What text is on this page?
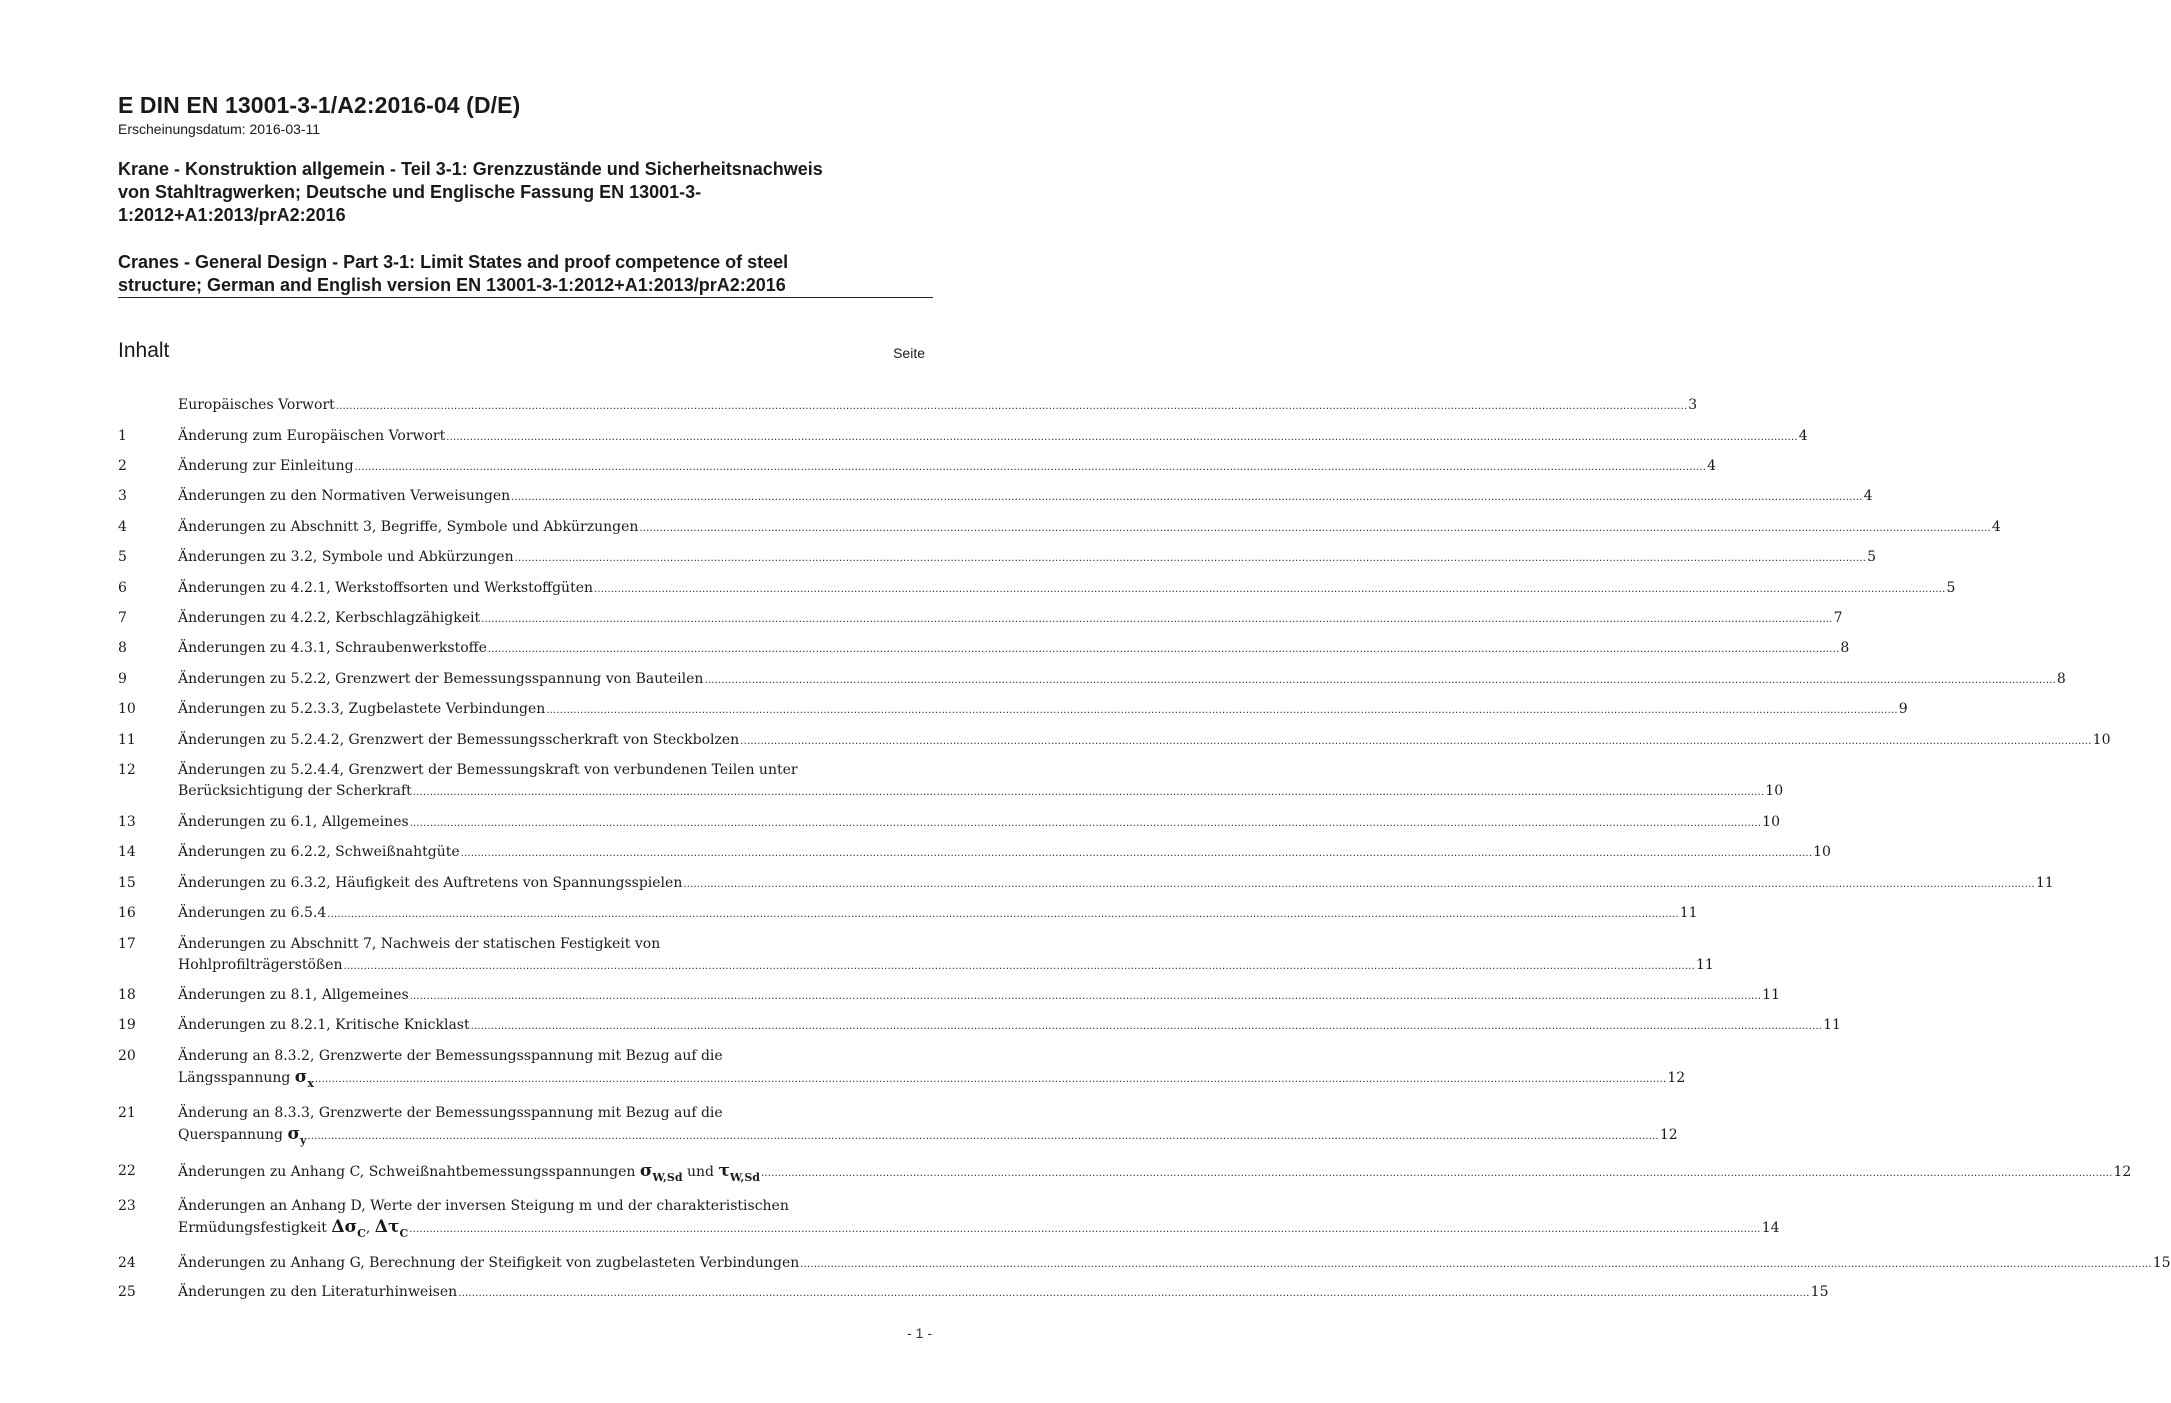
E DIN EN 13001-3-1/A2:2016-04 (D/E)
Erscheinungsdatum: 2016-03-11
Krane - Konstruktion allgemein - Teil 3-1: Grenzzustände und Sicherheitsnachweis
von Stahltragwerken; Deutsche und Englische Fassung EN 13001-3-
1:2012+A1:2013/prA2:2016
Cranes - General Design - Part 3-1: Limit States and proof competence of steel
structure; German and English version EN 13001-3-1:2012+A1:2013/prA2:2016
Inhalt	Seite
Europäisches Vorwort ................................................................................................................................................................................................................................................................................................................................................................................................................ 3
1	Änderung zum Europäischen Vorwort ................................................................................................................................................................................................................................................................................................................................................................................................................ 4
2	Änderung zur Einleitung ................................................................................................................................................................................................................................................................................................................................................................................................................ 4
3	Änderungen zu den Normativen Verweisungen ................................................................................................................................................................................................................................................................................................................................................................................................................ 4
4	Änderungen zu Abschnitt 3, Begriffe, Symbole und Abkürzungen ................................................................................................................................................................................................................................................................................................................................................................................................................ 4
5	Änderungen zu 3.2, Symbole und Abkürzungen ................................................................................................................................................................................................................................................................................................................................................................................................................ 5
6	Änderungen zu 4.2.1, Werkstoffsorten und Werkstoffgüten ................................................................................................................................................................................................................................................................................................................................................................................................................ 5
7	Änderungen zu 4.2.2, Kerbschlagzähigkeit ................................................................................................................................................................................................................................................................................................................................................................................................................ 7
8	Änderungen zu 4.3.1, Schraubenwerkstoffe ................................................................................................................................................................................................................................................................................................................................................................................................................ 8
9	Änderungen zu 5.2.2, Grenzwert der Bemessungsspannung von Bauteilen ................................................................................................................................................................................................................................................................................................................................................................................................................ 8
10	Änderungen zu 5.2.3.3, Zugbelastete Verbindungen ................................................................................................................................................................................................................................................................................................................................................................................................................ 9
11	Änderungen zu 5.2.4.2, Grenzwert der Bemessungsscherkraft von Steckbolzen ................................................................................................................................................................................................................................................................................................................................................................................................................ 10
12	Änderungen zu 5.2.4.4, Grenzwert der Bemessungskraft von verbundenen Teilen unter
Berücksichtigung der Scherkraft ................................................................................................................................................................................................................................................................................................................................................................................................................ 10
13	Änderungen zu 6.1, Allgemeines ................................................................................................................................................................................................................................................................................................................................................................................................................ 10
14	Änderungen zu 6.2.2, Schweißnahtgüte ................................................................................................................................................................................................................................................................................................................................................................................................................ 10
15	Änderungen zu 6.3.2, Häufigkeit des Auftretens von Spannungsspielen ................................................................................................................................................................................................................................................................................................................................................................................................................ 11
16	Änderungen zu 6.5.4 ................................................................................................................................................................................................................................................................................................................................................................................................................ 11
17	Änderungen zu Abschnitt 7, Nachweis der statischen Festigkeit von
Hohlprofilträgerstößen ................................................................................................................................................................................................................................................................................................................................................................................................................ 11
18	Änderungen zu 8.1, Allgemeines ................................................................................................................................................................................................................................................................................................................................................................................................................ 11
19	Änderungen zu 8.2.1, Kritische Knicklast ................................................................................................................................................................................................................................................................................................................................................................................................................ 11
20	Änderung an 8.3.2, Grenzwerte der Bemessungsspannung mit Bezug auf die
Längsspannung $\sigma_x$ ................................................................................................................................................................................................................................................................................................................................................................................................................ 12
21	Änderung an 8.3.3, Grenzwerte der Bemessungsspannung mit Bezug auf die
Querspannung $\sigma_y$ ................................................................................................................................................................................................................................................................................................................................................................................................................ 12
22	Änderungen zu Anhang C, Schweißnahtbemessungsspannungen $\sigma_{W,Sd}$ und $\tau_{W,Sd}$ ................................................................................................................................................................................................................................................................................................................................................................................................................ 12
23	Änderungen an Anhang D, Werte der inversen Steigung m und der charakteristischen
Ermüdungsfestigkeit $\Delta\sigma_C$, $\Delta\tau_C$ ................................................................................................................................................................................................................................................................................................................................................................................................................ 14
24	Änderungen zu Anhang G, Berechnung der Steifigkeit von zugbelasteten Verbindungen ................................................................................................................................................................................................................................................................................................................................................................................................................ 15
25	Änderungen zu den Literaturhinweisen ................................................................................................................................................................................................................................................................................................................................................................................................................ 15
- 1 -
